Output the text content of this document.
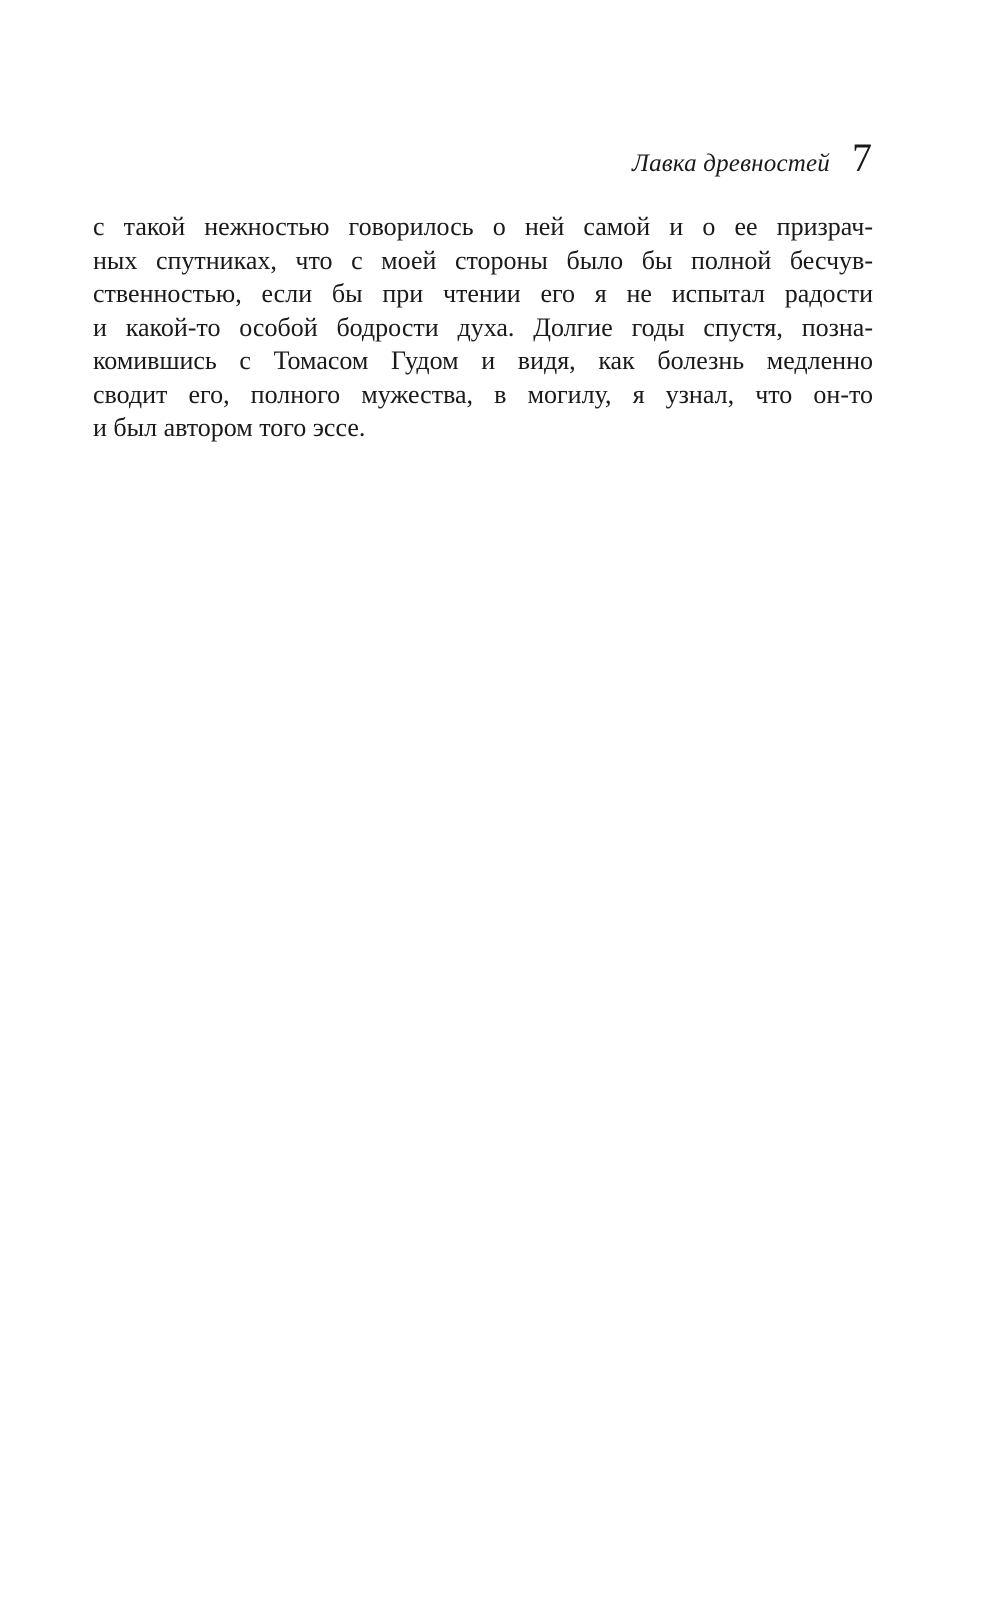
Лавка древностей 7
с такой нежностью говорилось о ней самой и о ее призрач-
ных спутниках, что с моей стороны было бы полной бесчув-
ственностью, если бы при чтении его я не испытал радости
и какой-то особой бодрости духа. Долгие годы спустя, позна-
комившись с Томасом Гудом и видя, как болезнь медленно
сводит его, полного мужества, в могилу, я узнал, что он-то
и был автором того эссе.
